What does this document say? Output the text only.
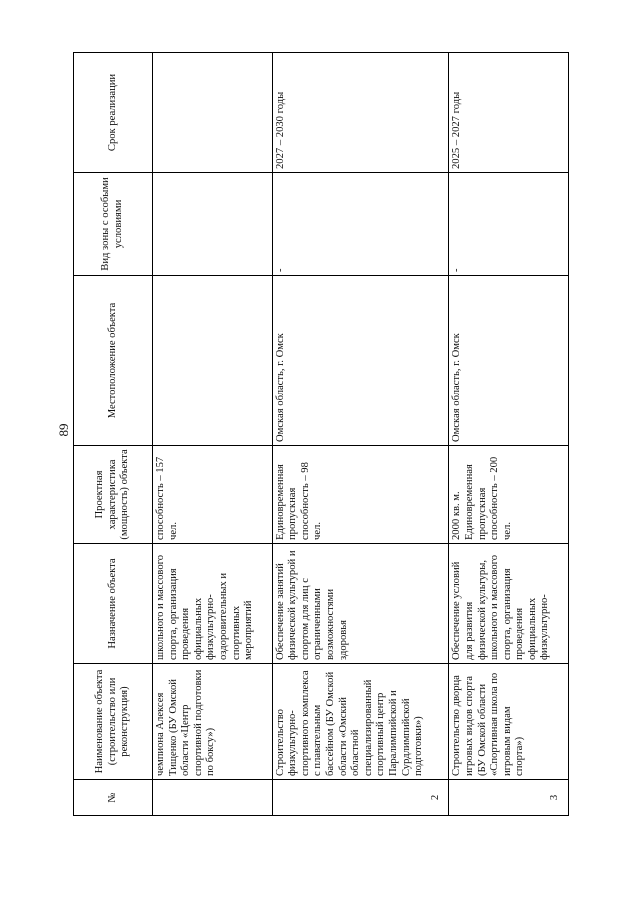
89
№	Наименование объекта (строительство или реконструкция)	Назначение объекта	Проектная характеристика (мощность) объекта	Местоположение объекта	Вид зоны с особыми условиями	Срок реализации
	чемпиона Алексея Тищенко (БУ Омской области «Центр спортивной подготовки по боксу»)	школьного и массового спорта, организация проведения официальных физкультурно-оздоровительных и спортивных мероприятий	способность – 157 чел.			
2	Строительство физкультурно-спортивного комплекса с плавательным бассейном (БУ Омской области «Омский областной специализированный спортивный центр Паралимпийской и Сурдлимпийской подготовки»)	Обеспечение занятий физической культурой и спортом для лиц с ограниченными возможностями здоровья	Единовременная пропускная способность – 98 чел.	Омская область, г. Омск	-	2027 – 2030 годы
3	Строительство дворца игровых видов спорта (БУ Омской области «Спортивная школа по игровым видам спорта»)	Обеспечение условий для развития физической культуры, школьного и массового спорта, организация проведения официальных физкультурно-	2000 кв. м. Единовременная пропускная способность – 200 чел.	Омская область, г. Омск	-	2025 – 2027 годы
